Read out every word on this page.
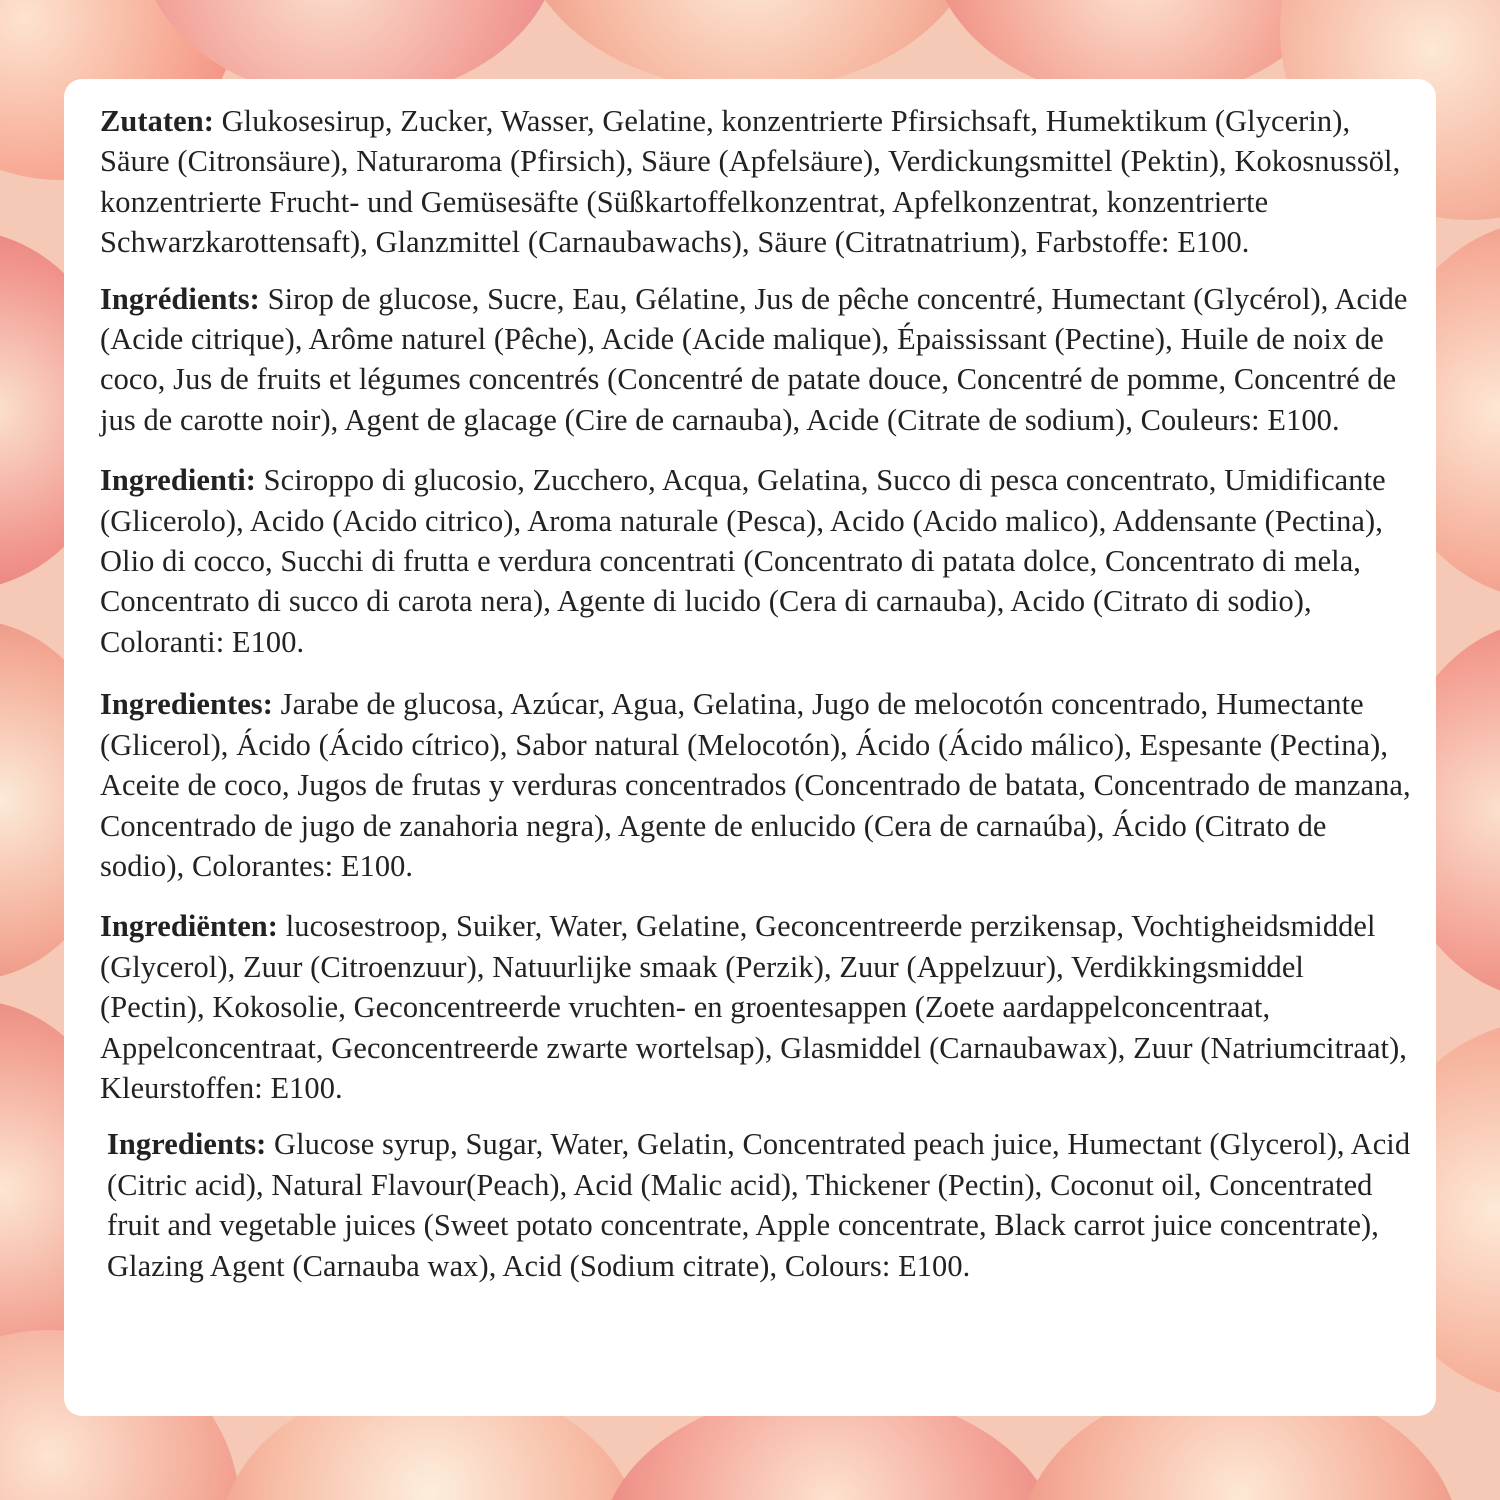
Zutaten: Glukosesirup, Zucker, Wasser, Gelatine, konzentrierte Pfirsichsaft, Humektikum (Glycerin), Säure (Citronsäure), Naturaroma (Pfirsich), Säure (Apfelsäure), Verdickungsmittel (Pektin), Kokosnussöl, konzentrierte Frucht- und Gemüsesäfte (Süßkartoffelkonzentrat, Apfelkonzentrat, konzentrierte Schwarzkarottensaft), Glanzmittel (Carnaubawachs), Säure (Citratnatrium), Farbstoffe: E100.

Ingrédients: Sirop de glucose, Sucre, Eau, Gélatine, Jus de pêche concentré, Humectant (Glycérol), Acide (Acide citrique), Arôme naturel (Pêche), Acide (Acide malique), Épaississant (Pectine), Huile de noix de coco, Jus de fruits et légumes concentrés (Concentré de patate douce, Concentré de pomme, Concentré de jus de carotte noir), Agent de glacage (Cire de carnauba), Acide (Citrate de sodium), Couleurs: E100.

Ingredienti: Sciroppo di glucosio, Zucchero, Acqua, Gelatina, Succo di pesca concentrato, Umidificante (Glicerolo), Acido (Acido citrico), Aroma naturale (Pesca), Acido (Acido malico), Addensante (Pectina), Olio di cocco, Succhi di frutta e verdura concentrati (Concentrato di patata dolce, Concentrato di mela, Concentrato di succo di carota nera), Agente di lucido (Cera di carnauba), Acido (Citrato di sodio), Coloranti: E100.

Ingredientes: Jarabe de glucosa, Azúcar, Agua, Gelatina, Jugo de melocotón concentrado, Humectante (Glicerol), Ácido (Ácido cítrico), Sabor natural (Melocotón), Ácido (Ácido málico), Espesante (Pectina), Aceite de coco, Jugos de frutas y verduras concentrados (Concentrado de batata, Concentrado de manzana, Concentrado de jugo de zanahoria negra), Agente de enlucido (Cera de carnaúba), Ácido (Citrato de sodio), Colorantes: E100.

Ingrediënten: lucosestroop, Suiker, Water, Gelatine, Geconcentreerde perzikensap, Vochtigheidsmiddel (Glycerol), Zuur (Citroenzuur), Natuurlijke smaak (Perzik), Zuur (Appelzuur), Verdikkingsmiddel (Pectin), Kokosolie, Geconcentreerde vruchten- en groentesappen (Zoete aardappelconcentraat, Appelconcentraat, Geconcentreerde zwarte wortelsap), Glasmiddel (Carnaubawax), Zuur (Natriumcitraat), Kleurstoffen: E100.

Ingredients: Glucose syrup, Sugar, Water, Gelatin, Concentrated peach juice, Humectant (Glycerol), Acid (Citric acid), Natural Flavour(Peach), Acid (Malic acid), Thickener (Pectin), Coconut oil, Concentrated fruit and vegetable juices (Sweet potato concentrate, Apple concentrate, Black carrot juice concentrate), Glazing Agent (Carnauba wax), Acid (Sodium citrate), Colours: E100.
